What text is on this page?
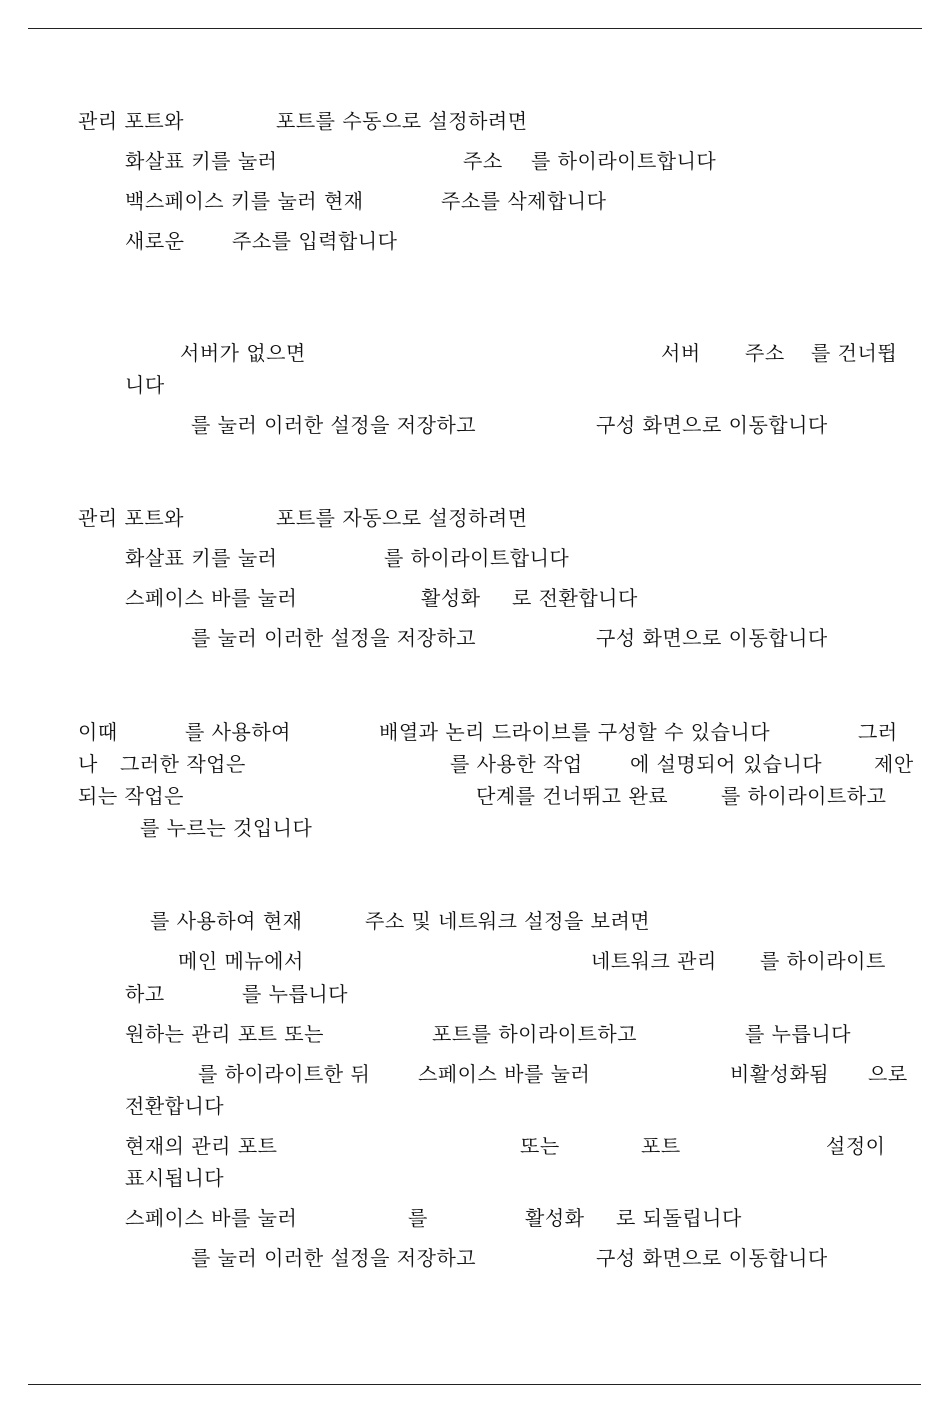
관리 포트와	포트를 수동으로 설정하려면
화살표 키를 눌러	주소 를 하이라이트합니다
백스페이스 키를 눌러 현재	주소를 삭제합니다
새로운 주소를 입력합니다
서버가 없으면	서버 주소 를 건너뜁
니다
를 눌러 이러한 설정을 저장하고	구성 화면으로 이동합니다
관리 포트와	포트를 자동으로 설정하려면
화살표 키를 눌러	를 하이라이트합니다
스페이스 바를 눌러	활성화 로 전환합니다
를 눌러 이러한 설정을 저장하고	구성 화면으로 이동합니다
이때	를 사용하여	배열과 논리 드라이브를 구성할 수 있습니다	그러
나 그러한 작업은	를 사용한 작업 에 설명되어 있습니다	제안
되는 작업은	단계를 건너뛰고 완료	를 하이라이트하고
를 누르는 것입니다
를 사용하여 현재	주소 및 네트워크 설정을 보려면
메인 메뉴에서	네트워크 관리 를 하이라이트
하고	를 누릅니다
원하는 관리 포트 또는	포트를 하이라이트하고	를 누릅니다
를 하이라이트한 뒤 스페이스 바를 눌러	비활성화됨 으로
전환합니다
현재의 관리 포트	또는	포트	설정이
표시됩니다
스페이스 바를 눌러	를	활성화 로 되돌립니다
를 눌러 이러한 설정을 저장하고	구성 화면으로 이동합니다
